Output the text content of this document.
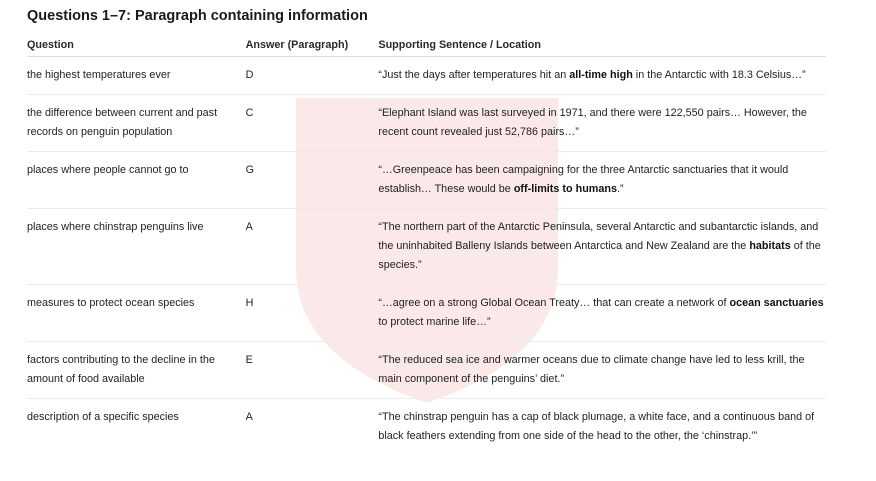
Questions 1–7: Paragraph containing information
Question	Answer (Paragraph)	Supporting Sentence / Location
the highest temperatures ever	D	“Just the days after temperatures hit an all-time high in the Antarctic with 18.3 Celsius…”
the difference between current and past records on penguin population	C	“Elephant Island was last surveyed in 1971, and there were 122,550 pairs… However, the recent count revealed just 52,786 pairs…”
places where people cannot go to	G	“…Greenpeace has been campaigning for the three Antarctic sanctuaries that it would establish… These would be off-limits to humans.”
places where chinstrap penguins live	A	“The northern part of the Antarctic Peninsula, several Antarctic and subantarctic islands, and the uninhabited Balleny Islands between Antarctica and New Zealand are the habitats of the species.”
measures to protect ocean species	H	“…agree on a strong Global Ocean Treaty… that can create a network of ocean sanctuaries to protect marine life…”
factors contributing to the decline in the amount of food available	E	“The reduced sea ice and warmer oceans due to climate change have led to less krill, the main component of the penguins’ diet.”
description of a specific species	A	“The chinstrap penguin has a cap of black plumage, a white face, and a continuous band of black feathers extending from one side of the head to the other, the ‘chinstrap.’”
